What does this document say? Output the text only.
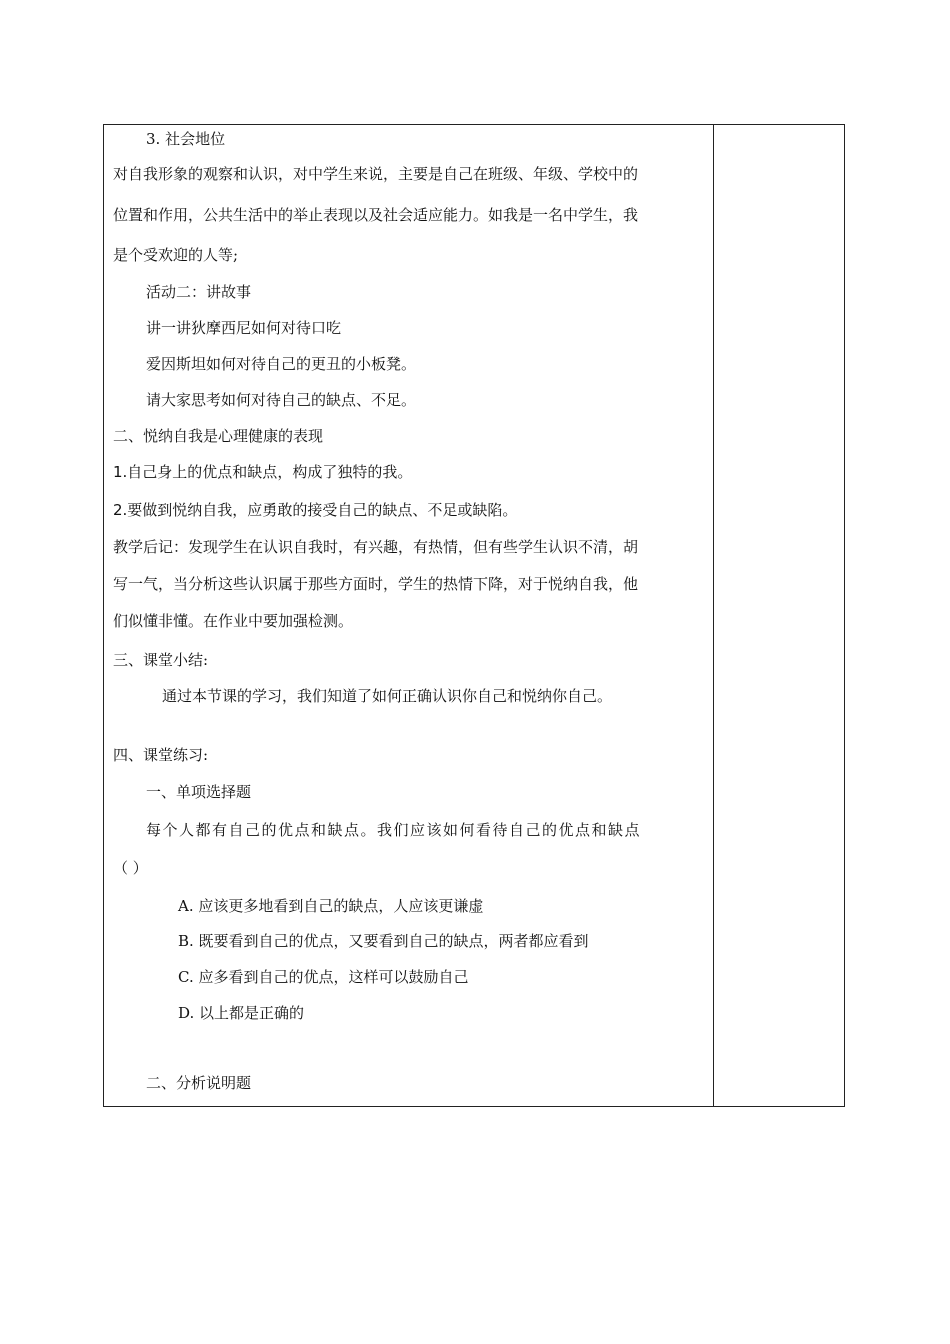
3. 社会地位
对自我形象的观察和认识，对中学生来说，主要是自己在班级、年级、学校中的
位置和作用，公共生活中的举止表现以及社会适应能力。如我是一名中学生，我
是个受欢迎的人等;
活动二：讲故事
讲一讲狄摩西尼如何对待口吃
爱因斯坦如何对待自己的更丑的小板凳。
请大家思考如何对待自己的缺点、不足。
二、悦纳自我是心理健康的表现
1.自己身上的优点和缺点，构成了独特的我。
2.要做到悦纳自我，应勇敢的接受自己的缺点、不足或缺陷。
教学后记：发现学生在认识自我时，有兴趣，有热情，但有些学生认识不清，胡
写一气，当分析这些认识属于那些方面时，学生的热情下降，对于悦纳自我，他
们似懂非懂。在作业中要加强检测。
三、课堂小结:
通过本节课的学习，我们知道了如何正确认识你自己和悦纳你自己。
四、课堂练习:
一、单项选择题
每个人都有自己的优点和缺点。我们应该如何看待自己的优点和缺点
（ ）
A. 应该更多地看到自己的缺点，人应该更谦虚
B. 既要看到自己的优点，又要看到自己的缺点，两者都应看到
C. 应多看到自己的优点，这样可以鼓励自己
D. 以上都是正确的
二、分析说明题
